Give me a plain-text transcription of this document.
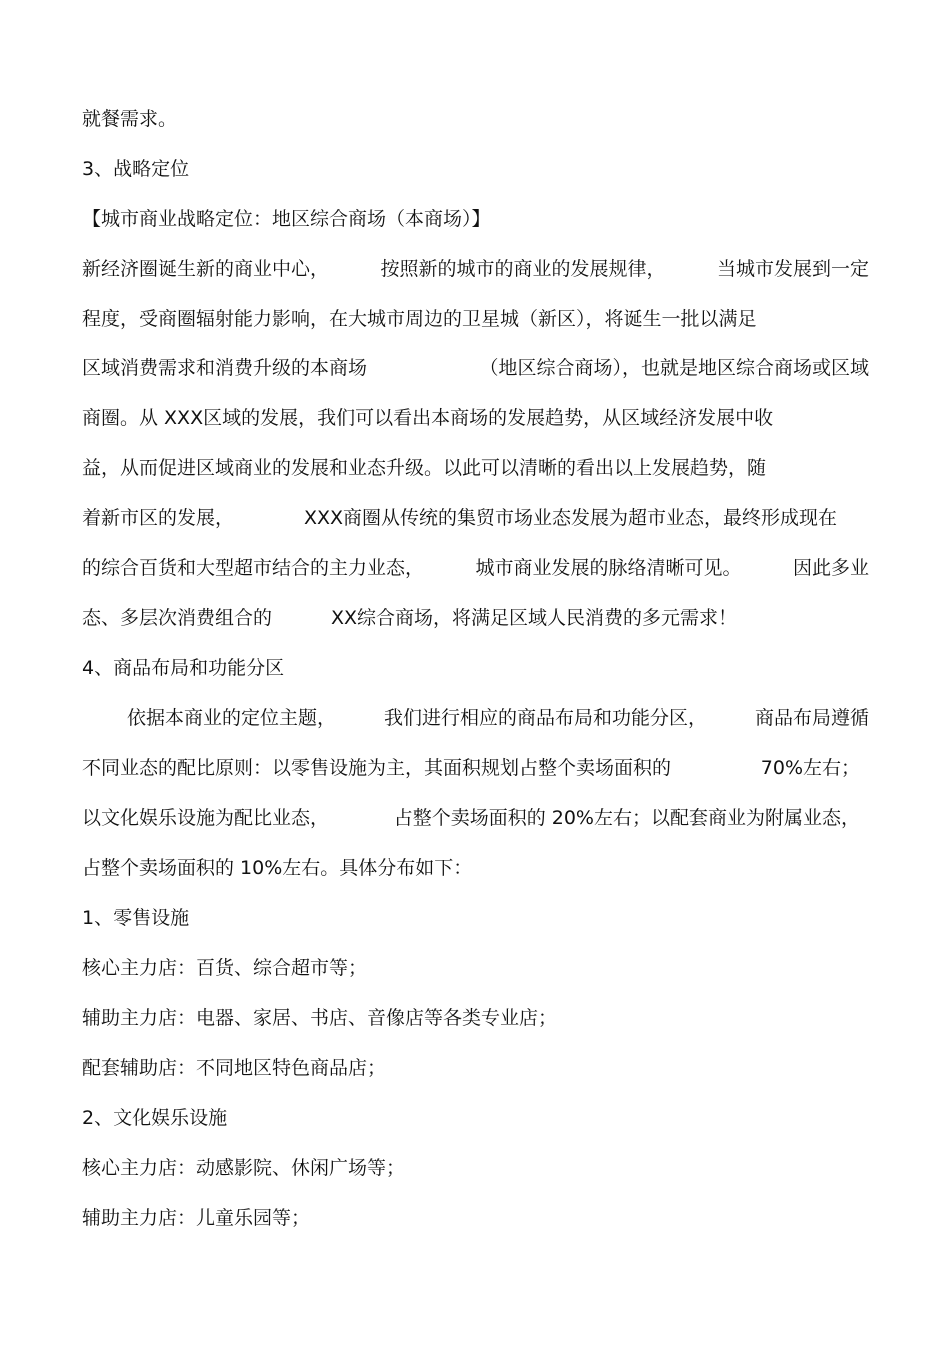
就餐需求。
3、战略定位
【城市商业战略定位：地区综合商场（本商场）】
新经济圈诞生新的商业中心，	按照新的城市的商业的发展规律，	当城市发展到一定
程度，受商圈辐射能力影响，在大城市周边的卫星城（新区），将诞生一批以满足
区域消费需求和消费升级的本商场	（地区综合商场），也就是地区综合商场或区域
商圈。从 XXX区域的发展，我们可以看出本商场的发展趋势，从区域经济发展中收
益，从而促进区域商业的发展和业态升级。以此可以清晰的看出以上发展趋势，随
着新市区的发展，	XXX商圈从传统的集贸市场业态发展为超市业态，最终形成现在
的综合百货和大型超市结合的主力业态，	城市商业发展的脉络清晰可见。	因此多业
态、多层次消费组合的	XX综合商场，将满足区域人民消费的多元需求！
4、商品布局和功能分区
依据本商业的定位主题，	我们进行相应的商品布局和功能分区，	商品布局遵循
不同业态的配比原则：以零售设施为主，其面积规划占整个卖场面积的	70%左右；
以文化娱乐设施为配比业态，	占整个卖场面积的 20%左右；以配套商业为附属业态，
占整个卖场面积的 10%左右。具体分布如下：
1、零售设施
核心主力店：百货、综合超市等；
辅助主力店：电器、家居、书店、音像店等各类专业店；
配套辅助店：不同地区特色商品店；
2、文化娱乐设施
核心主力店：动感影院、休闲广场等；
辅助主力店：儿童乐园等；
